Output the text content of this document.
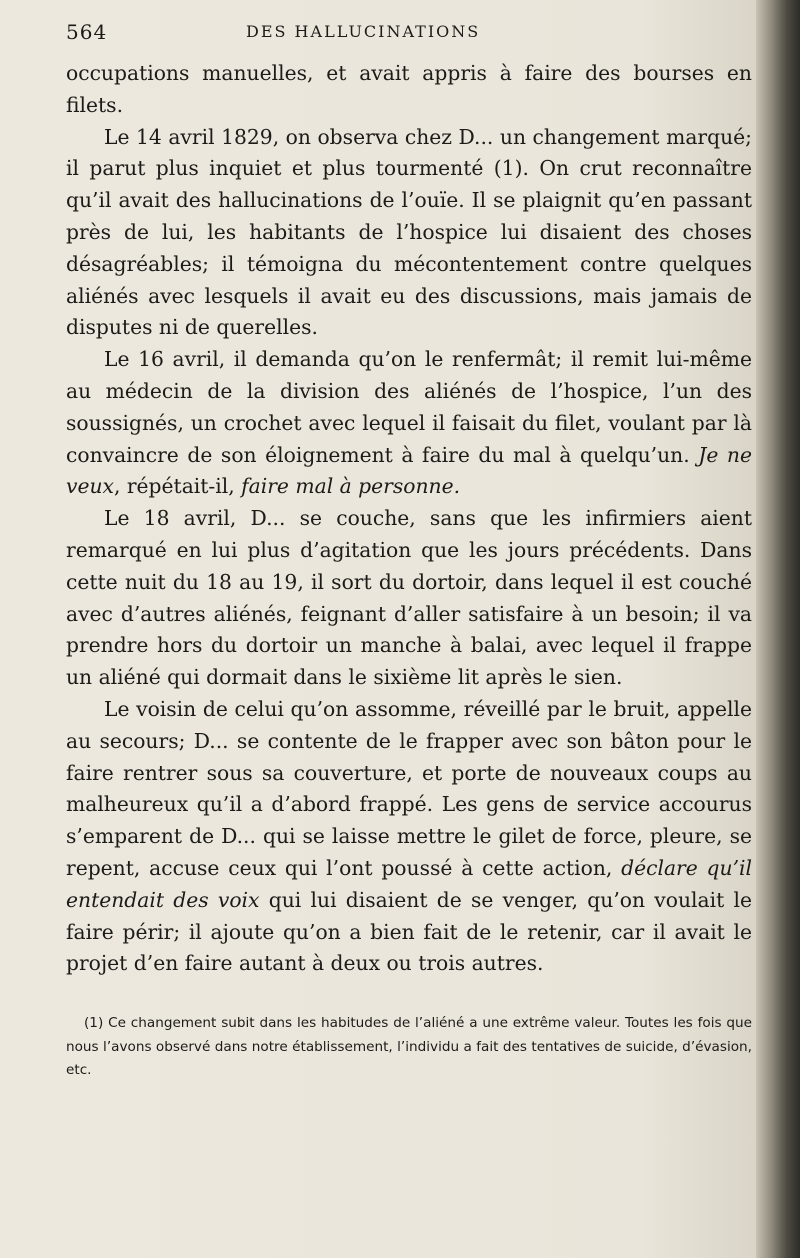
564	DES HALLUCINATIONS

occupations manuelles, et avait appris à faire des bourses en filets.

Le 14 avril 1829, on observa chez D... un changement marqué; il parut plus inquiet et plus tourmenté (1). On crut reconnaître qu’il avait des hallucinations de l’ouïe. Il se plaignit qu’en passant près de lui, les habitants de l’hospice lui disaient des choses désagréables; il témoigna du mécontentement contre quelques aliénés avec lesquels il avait eu des discussions, mais jamais de disputes ni de querelles.

Le 16 avril, il demanda qu’on le renfermât; il remit lui-même au médecin de la division des aliénés de l’hospice, l’un des soussignés, un crochet avec lequel il faisait du filet, voulant par là convaincre de son éloignement à faire du mal à quelqu’un. Je ne veux, répétait-il, faire mal à personne.

Le 18 avril, D... se couche, sans que les infirmiers aient remarqué en lui plus d’agitation que les jours précédents. Dans cette nuit du 18 au 19, il sort du dortoir, dans lequel il est couché avec d’autres aliénés, feignant d’aller satisfaire à un besoin; il va prendre hors du dortoir un manche à balai, avec lequel il frappe un aliéné qui dormait dans le sixième lit après le sien.

Le voisin de celui qu’on assomme, réveillé par le bruit, appelle au secours; D... se contente de le frapper avec son bâton pour le faire rentrer sous sa couverture, et porte de nouveaux coups au malheureux qu’il a d’abord frappé. Les gens de service accourus s’emparent de D... qui se laisse mettre le gilet de force, pleure, se repent, accuse ceux qui l’ont poussé à cette action, déclare qu’il entendait des voix qui lui disaient de se venger, qu’on voulait le faire périr; il ajoute qu’on a bien fait de le retenir, car il avait le projet d’en faire autant à deux ou trois autres.

(1) Ce changement subit dans les habitudes de l’aliéné a une extrême valeur. Toutes les fois que nous l’avons observé dans notre établissement, l’individu a fait des tentatives de suicide, d’évasion, etc.
